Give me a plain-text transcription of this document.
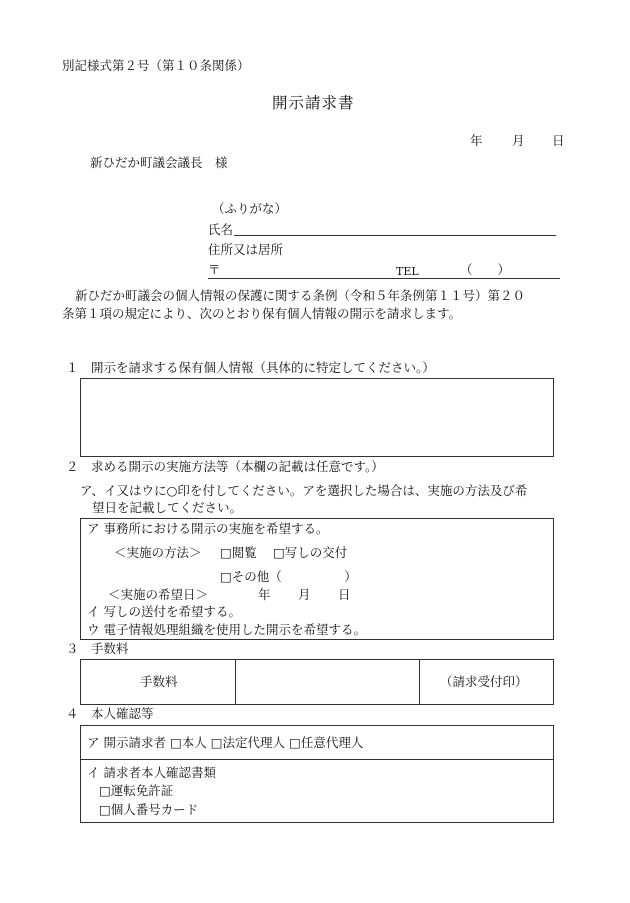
別記様式第２号（第１０条関係）
開示請求書
年 月 日
新ひだか町議会議長　様
（ふりがな）
氏名
住所又は居所
〒	TEL	（　　）
新ひだか町議会の個人情報の保護に関する条例（令和５年条例第１１号）第２０
条第１項の規定により、次のとおり保有個人情報の開示を請求します。
１　開示を請求する保有個人情報（具体的に特定してください。）
２　求める開示の実施方法等（本欄の記載は任意です。）
ア、イ又はウに○印を付してください。アを選択した場合は、実施の方法及び希
望日を記載してください。
ア 事務所における開示の実施を希望する。
＜実施の方法＞ □閲覧 □写しの交付
□その他（　　　　　）
＜実施の希望日＞	年 月 日
イ 写しの送付を希望する。
ウ 電子情報処理組織を使用した開示を希望する。
３　手数料
手数料	（請求受付印）
４　本人確認等
ア 開示請求者 □本人 □法定代理人 □任意代理人
イ 請求者本人確認書類
□運転免許証
□個人番号カード
